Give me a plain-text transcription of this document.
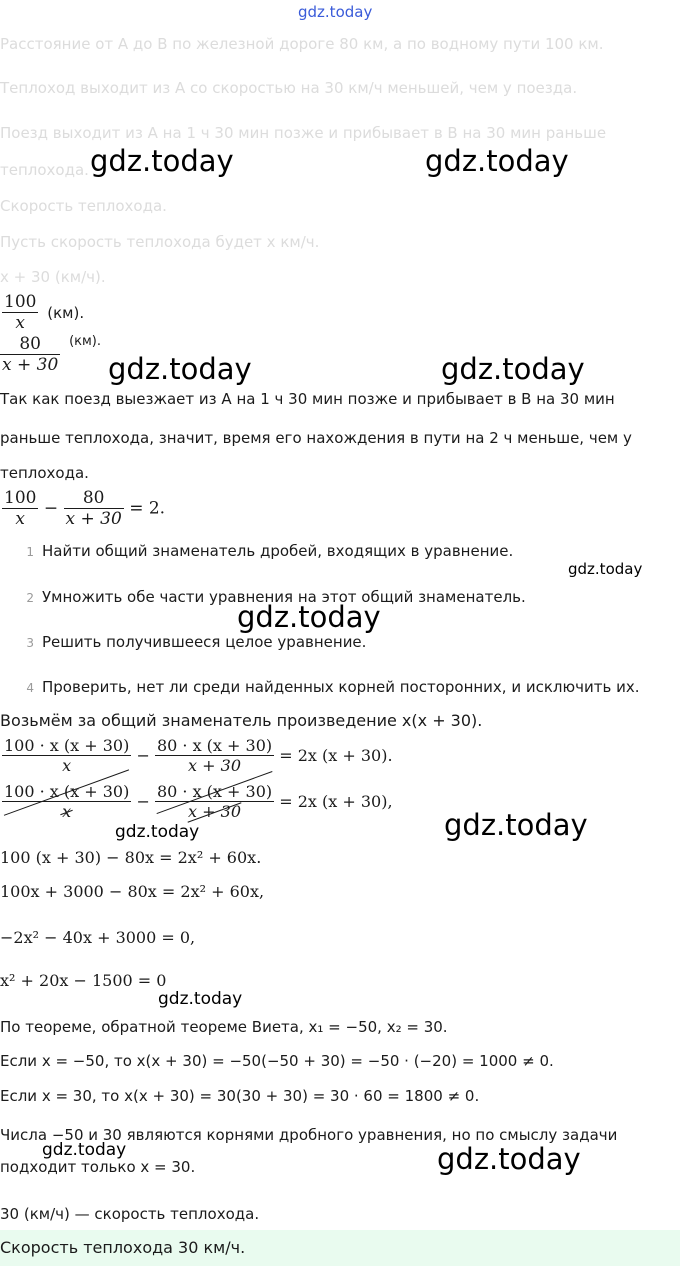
gdz.today
Расстояние от A до B по железной дороге 80 км, а по водному пути 100 км.
Теплоход выходит из A со скоростью на 30 км/ч меньшей, чем у поезда.
Поезд выходит из A на 1 ч 30 мин позже и прибывает в B на 30 мин раньше
теплохода.
Скорость теплохода.
Пусть скорость теплохода будет x км/ч.
x + 30 (км/ч).
gdz.today	gdz.today
$\frac{100}{x} (км)$.
$\frac{80}{x + 30} (км)$.
gdz.today	gdz.today
Так как поезд выезжает из A на 1 ч 30 мин позже и прибывает в B на 30 мин
раньше теплохода, значит, время его нахождения в пути на 2 ч меньше, чем у
теплохода.
$\frac{100}{x} - \frac{80}{x + 30} = 2$.
1 Найти общий знаменатель дробей, входящих в уравнение.
gdz.today
2 Умножить обе части уравнения на этот общий знаменатель.
gdz.today
3 Решить получившееся целое уравнение.
4 Проверить, нет ли среди найденных корней посторонних, и исключить их.
Возьмём за общий знаменатель произведение x(x + 30).
$\frac{100 \cdot x (x + 30)}{x} - \frac{80 \cdot x (x + 30)}{x + 30} = 2x$ (x + 30).
$\frac{100 \cdot x (x + 30)}{x} - \frac{80 \cdot x (x + 30)}{x + 30} = 2x$ (x + 30),
gdz.today	gdz.today
100 (x + 30) − 80x = 2x² + 60x.
100x + 3000 − 80x = 2x² + 60x,
−2x² − 40x + 3000 = 0,
x² + 20x − 1500 = 0
gdz.today
По теореме, обратной теореме Виета, x₁ = −50, x₂ = 30.
Если x = −50, то x(x + 30) = −50(−50 + 30) = −50 · (−20) = 1000 ≠ 0.
Если x = 30, то x(x + 30) = 30(30 + 30) = 30 · 60 = 1800 ≠ 0.
Числа −50 и 30 являются корнями дробного уравнения, но по смыслу задачи
подходит только x = 30.
gdz.today	gdz.today
30 (км/ч) — скорость теплохода.
Скорость теплохода 30 км/ч.
